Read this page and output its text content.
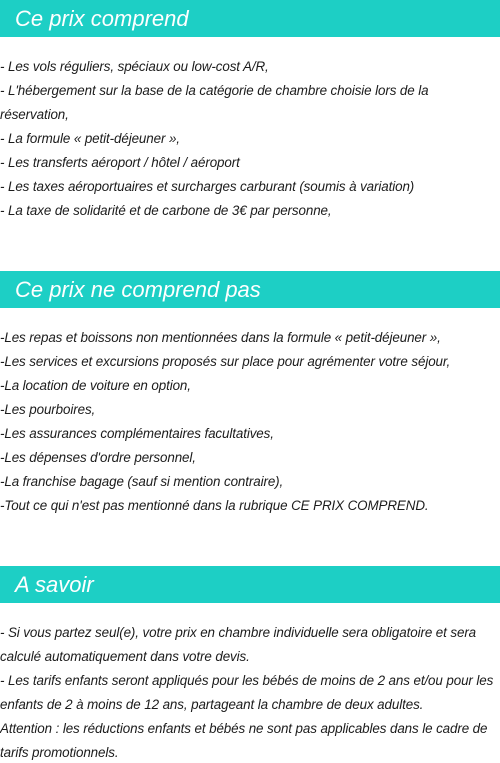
Ce prix comprend
- Les vols réguliers, spéciaux ou low-cost A/R,
- L'hébergement sur la base de la catégorie de chambre choisie lors de la réservation,
- La formule « petit-déjeuner »,
- Les transferts aéroport / hôtel / aéroport
- Les taxes aéroportuaires et surcharges carburant (soumis à variation)
- La taxe de solidarité et de carbone de 3€ par personne,
Ce prix ne comprend pas
-Les repas et boissons non mentionnées dans la formule « petit-déjeuner »,
-Les services et excursions proposés sur place pour agrémenter votre séjour,
-La location de voiture en option,
-Les pourboires,
-Les assurances complémentaires facultatives,
-Les dépenses d'ordre personnel,
-La franchise bagage (sauf si mention contraire),
-Tout ce qui n'est pas mentionné dans la rubrique CE PRIX COMPREND.
A savoir
- Si vous partez seul(e), votre prix en chambre individuelle sera obligatoire et sera calculé automatiquement dans votre devis.
- Les tarifs enfants seront appliqués pour les bébés de moins de 2 ans et/ou pour les enfants de 2 à moins de 12 ans, partageant la chambre de deux adultes.
Attention : les réductions enfants et bébés ne sont pas applicables dans le cadre de tarifs promotionnels.
